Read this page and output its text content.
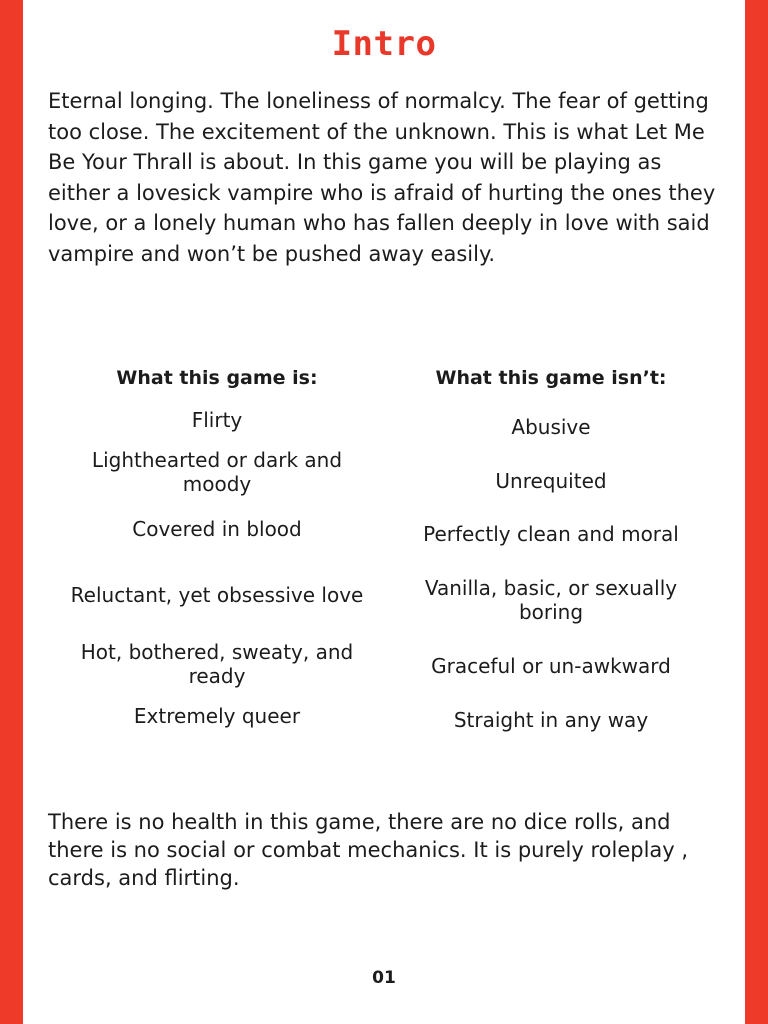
Intro

Eternal longing. The loneliness of normalcy. The fear of getting too close. The excitement of the unknown. This is what Let Me Be Your Thrall is about. In this game you will be playing as either a lovesick vampire who is afraid of hurting the ones they love, or a lonely human who has fallen deeply in love with said vampire and won’t be pushed away easily.

What this game is:
Flirty
Lighthearted or dark and moody
Covered in blood
Reluctant, yet obsessive love
Hot, bothered, sweaty, and ready
Extremely queer
What this game isn’t:
Abusive
Unrequited
Perfectly clean and moral
Vanilla, basic, or sexually boring
Graceful or un-awkward
Straight in any way

There is no health in this game, there are no dice rolls, and there is no social or combat mechanics. It is purely roleplay , cards, and flirting.

01
